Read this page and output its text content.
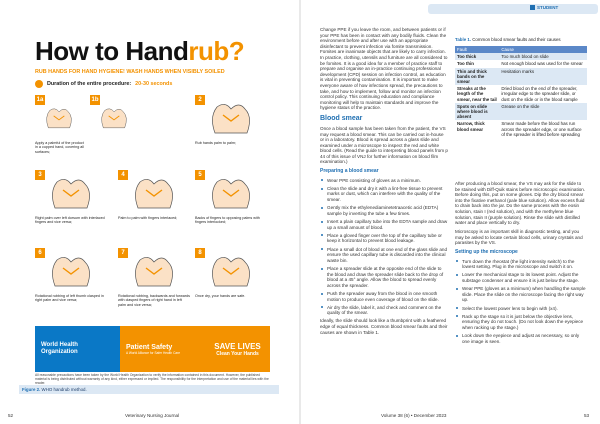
How to Handrub?
RUB HANDS FOR HAND HYGIENE! WASH HANDS WHEN VISIBLY SOILED
Duration of the entire procedure: 20-30 seconds
World Health Organization
Patient Safety
A World Alliance for Safer Health Care
SAVE LIVES
Clean Your Hands
All reasonable precautions have been taken by the World Health Organization to verify the information contained in this document. However, the published material is being distributed without warranty of any kind, either expressed or implied. The responsibility for the interpretation and use of the material lies with the reader.
Figure 2. WHO handrub method.
52	Veterinary Nursing Journal
1a
Apply a palmful of the product in a cupped hand, covering all surfaces;
1b	2
Rub hands palm to palm;
3
Right palm over left dorsum with interlaced fingers and vice versa;
4
Palm to palm with fingers interlaced;
5
Backs of fingers to opposing palms with fingers interlocked;
6
Rotational rubbing of left thumb clasped in right palm and vice versa;
7
Rotational rubbing, backwards and forwards with clasped fingers of right hand in left palm and vice versa;
8
Once dry, your hands are safe.
Volume 38 (6) • December 2023	53
Table 1. Common blood smear faults and their causes
Fault	Cause
Too thick	Too much blood on slide
Too thin	Not enough blood was used for the smear
Thin and thick bands on the smear	Hesitation marks
Streaks at the length of the smear, near the tail	Dried blood on the end of the spreader, irregular edge to the spreader slide, or dust on the slide or in the blood sample
Spots on slide where blood is absent	Grease on the slide
Narrow, thick blood smear	Smear made before the blood has run across the spreader edge, or one surface of the spreader is lifted before spreading

After producing a blood smear, the VS may ask for the slide to be stained with Diff-Quik stains before microscopic examination. Before doing this, put on some gloves. Dip the dry blood smear into the fixative methanol (pale blue solution). Allow excess fluid to drain back into the jar. Do the same process with the eosin solution, stain I (red solution), and with the methylene blue solution, stain II (purple solution). Rinse the slide with distilled water and place vertically to dry.

Microscopy is an important skill in diagnostic testing, and you may be asked to locate certain blood cells, urinary crystals and parasites by the VS.

Setting up the microscope

Turn down the rheostat (the light intensity switch) to the lowest setting. Plug in the microscope and switch it on.
Lower the mechanical stage to its lowest point. Adjust the substage condenser and ensure it is just below the stage.
Wear PPE (gloves as a minimum) when handling the sample slide. Place the slide on the microscope facing the right way up.
Select the lowest power lens to begin with (x4).
Rack up the stage so it is just below the objective lens, ensuring they do not touch. (Do not look down the eyepiece when racking up the stage.)
Look down the eyepiece and adjust as necessary, so only one image is seen.
STUDENT

Change PPE if you leave the room, and between patients or if your PPE has been in contact with any bodily fluids. Clean the environment before and after use with an appropriate disinfectant to prevent infection via fomite transmission. Fomites are inanimate objects that are likely to carry infection. In practice, clothing, utensils and furniture are all considered to be fomites. It is a good idea for a member of practice staff to prepare and organise an in-practice continuing professional development (CPD) session on infection control, as education is vital in preventing contamination. It is important to make everyone aware of how infections spread, the precautions to take, and how to implement, follow and monitor an infection control policy. This continuing education and compliance monitoring will help to maintain standards and improve the hygiene status of the practice.

Blood smear

Once a blood sample has been taken from the patient, the VS may request a blood smear. This can be carried out in-house or in a laboratory. Blood is spread across a glass slide and examined under a microscope to inspect the red and white blood cells. (Read the guide to interpreting blood panels from p 44 of this issue of VNJ for further information on blood film examination.)

Preparing a blood smear

Wear PPE consisting of gloves as a minimum.
Clean the slide and dry it with a lint-free tissue to prevent marks or dust, which can interfere with the quality of the smear.
Gently mix the ethylenediaminetetraacetic acid (EDTA) sample by inverting the tube a few times.
Insert a plain capillary tube into the EDTA sample and draw up a small amount of blood.
Place a gloved finger over the top of the capillary tube or keep it horizontal to prevent blood leakage.
Place a small dot of blood at one end of the glass slide and ensure the used capillary tube is discarded into the clinical waste bin.
Place a spreader slide at the opposite end of the slide to the blood and draw the spreader slide back to the drop of blood at a 45° angle. Allow the blood to spread evenly across the spreader.
Push the spreader away from the blood in one smooth motion to produce even coverage of blood on the slide.
Air dry the slide, label it, and check and comment on the quality of the smear.

Ideally, the slide should look like a thumbprint with a feathered edge of equal thickness. Common blood smear faults and their causes are shown in Table 1.
